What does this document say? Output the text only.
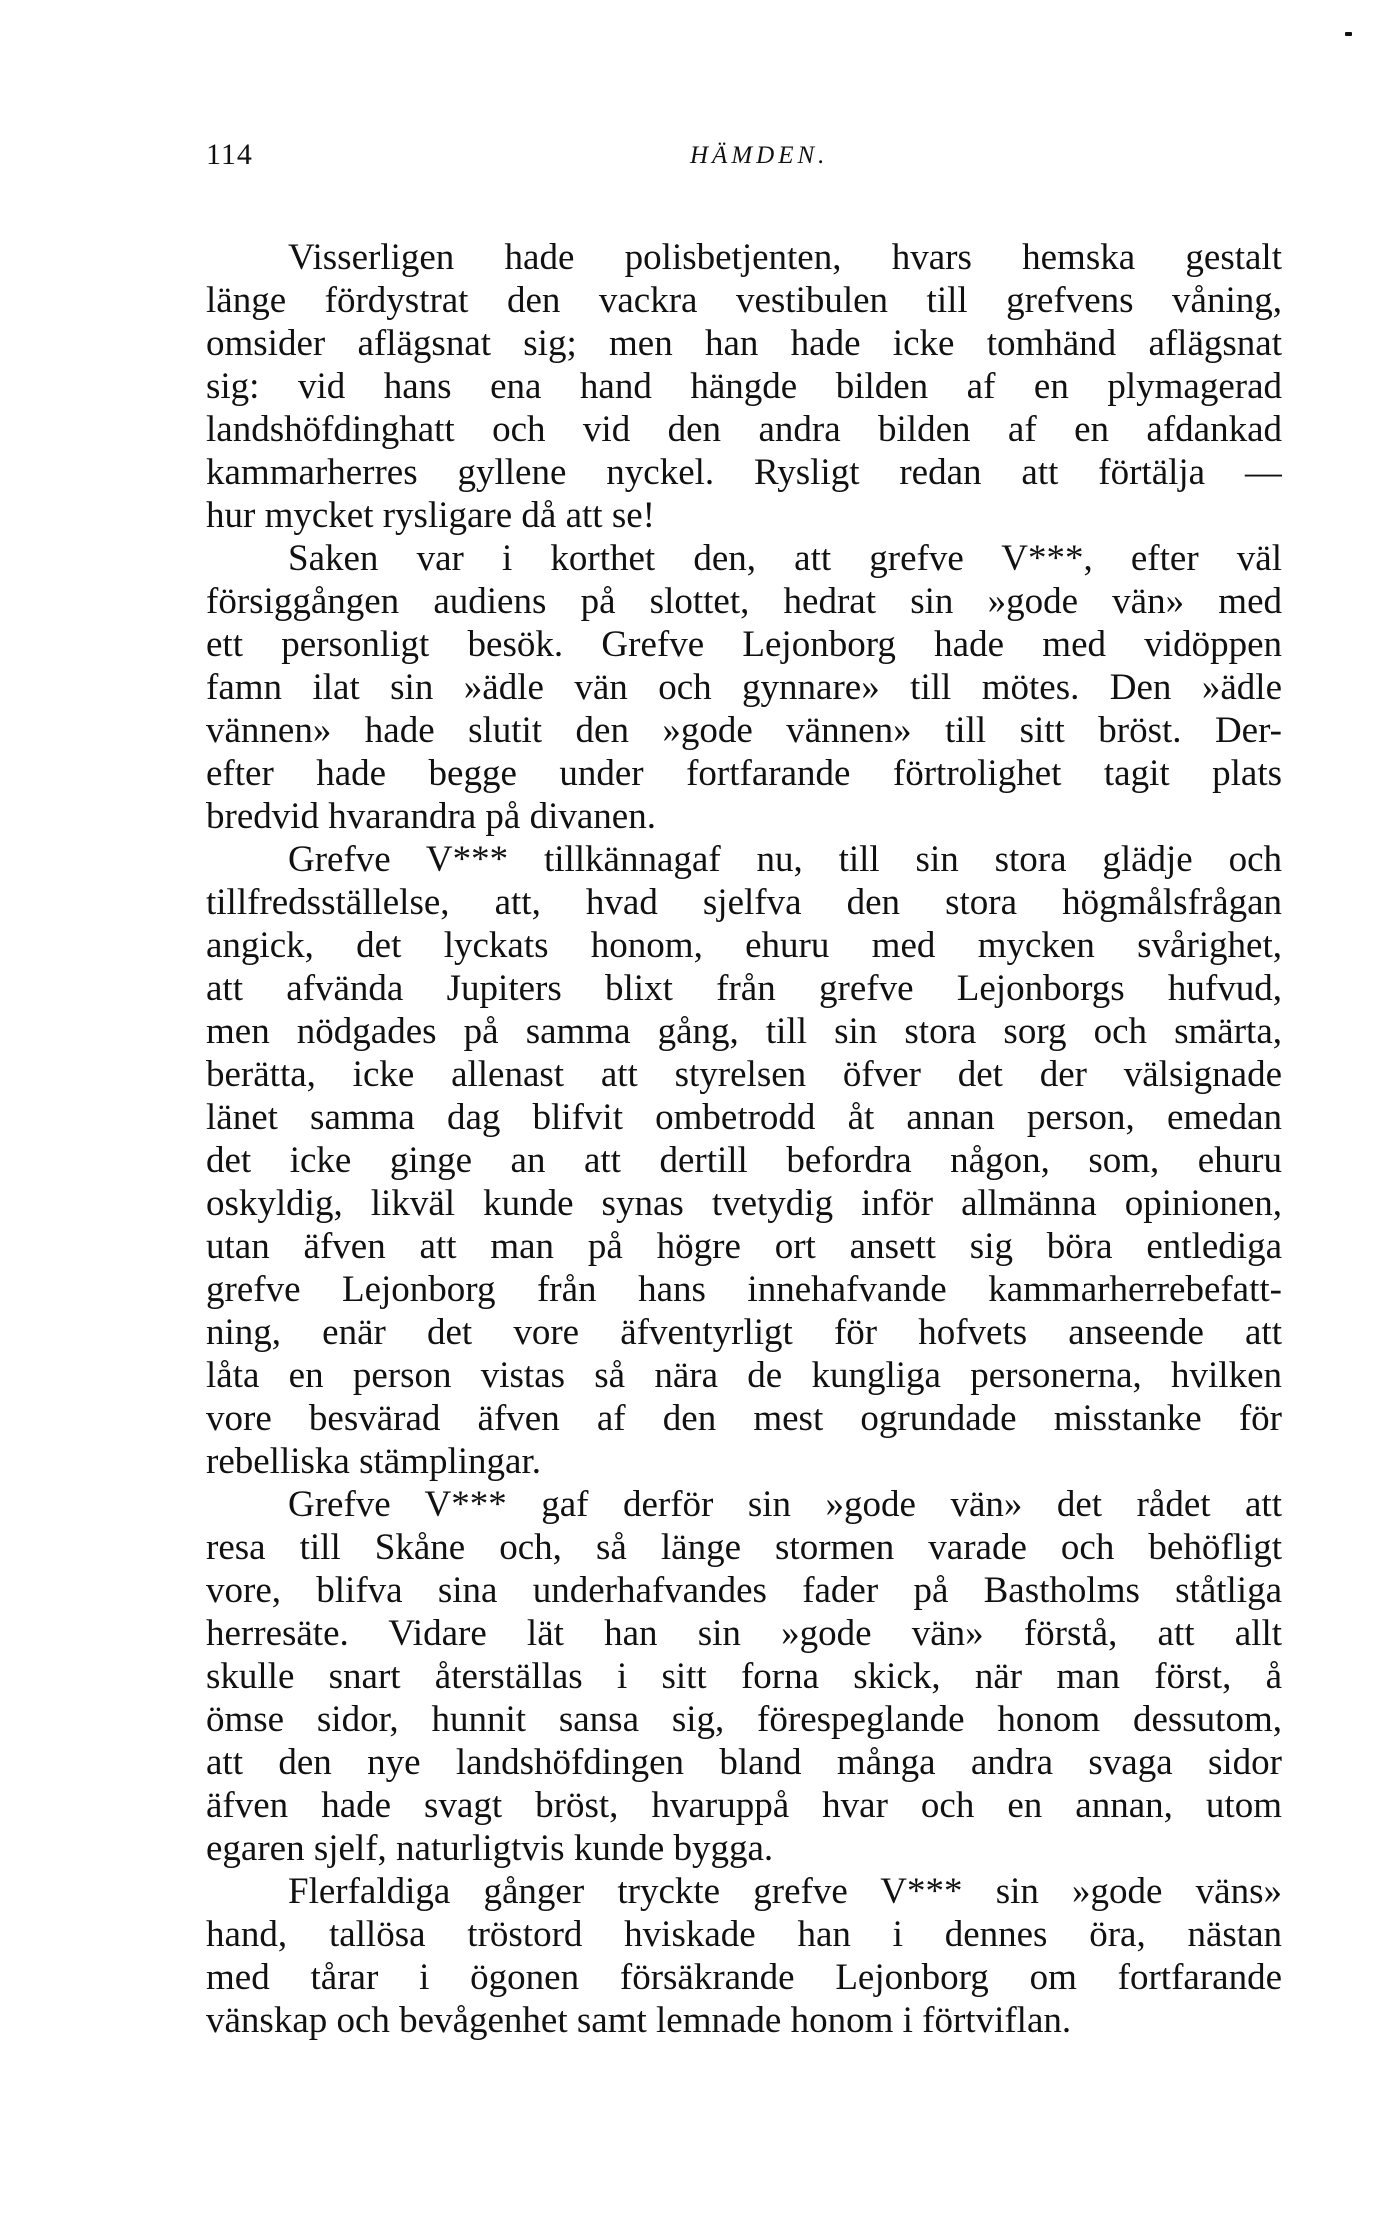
114	HÄMDEN.
Visserligen hade polisbetjenten, hvars hemska gestalt
länge fördystrat den vackra vestibulen till grefvens våning,
omsider aflägsnat sig; men han hade icke tomhänd aflägsnat
sig: vid hans ena hand hängde bilden af en plymagerad
landshöfdinghatt och vid den andra bilden af en afdankad
kammarherres gyllene nyckel. Rysligt redan att förtälja —
hur mycket rysligare då att se!
Saken var i korthet den, att grefve V***, efter väl
försiggången audiens på slottet, hedrat sin »gode vän» med
ett personligt besök. Grefve Lejonborg hade med vidöppen
famn ilat sin »ädle vän och gynnare» till mötes. Den »ädle
vännen» hade slutit den »gode vännen» till sitt bröst. Der-
efter hade begge under fortfarande förtrolighet tagit plats
bredvid hvarandra på divanen.
Grefve V*** tillkännagaf nu, till sin stora glädje och
tillfredsställelse, att, hvad sjelfva den stora högmålsfrågan
angick, det lyckats honom, ehuru med mycken svårighet,
att afvända Jupiters blixt från grefve Lejonborgs hufvud,
men nödgades på samma gång, till sin stora sorg och smärta,
berätta, icke allenast att styrelsen öfver det der välsignade
länet samma dag blifvit ombetrodd åt annan person, emedan
det icke ginge an att dertill befordra någon, som, ehuru
oskyldig, likväl kunde synas tvetydig inför allmänna opinionen,
utan äfven att man på högre ort ansett sig böra entlediga
grefve Lejonborg från hans innehafvande kammarherrebefatt-
ning, enär det vore äfventyrligt för hofvets anseende att
låta en person vistas så nära de kungliga personerna, hvilken
vore besvärad äfven af den mest ogrundade misstanke för
rebelliska stämplingar.
Grefve V*** gaf derför sin »gode vän» det rådet att
resa till Skåne och, så länge stormen varade och behöfligt
vore, blifva sina underhafvandes fader på Bastholms ståtliga
herresäte. Vidare lät han sin »gode vän» förstå, att allt
skulle snart återställas i sitt forna skick, när man först, å
ömse sidor, hunnit sansa sig, förespeglande honom dessutom,
att den nye landshöfdingen bland många andra svaga sidor
äfven hade svagt bröst, hvaruppå hvar och en annan, utom
egaren sjelf, naturligtvis kunde bygga.
Flerfaldiga gånger tryckte grefve V*** sin »gode väns»
hand, tallösa tröstord hviskade han i dennes öra, nästan
med tårar i ögonen försäkrande Lejonborg om fortfarande
vänskap och bevågenhet samt lemnade honom i förtviflan.
